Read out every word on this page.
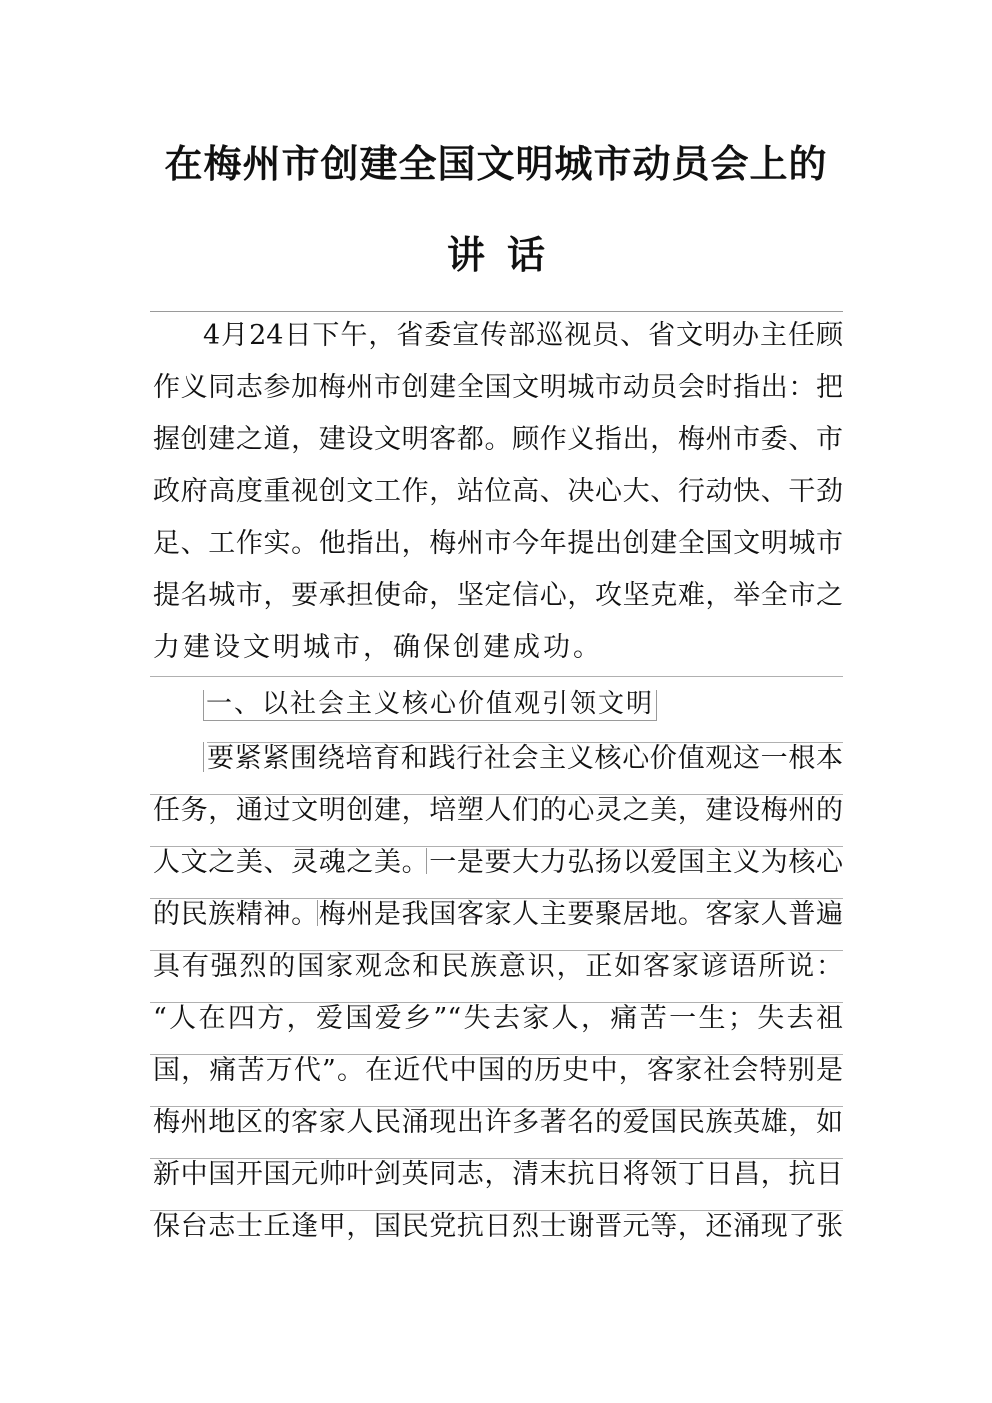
在梅州市创建全国文明城市动员会上的
讲话
4月24日下午，省委宣传部巡视员、省文明办主任顾
作义同志参加梅州市创建全国文明城市动员会时指出：把
握创建之道，建设文明客都。顾作义指出，梅州市委、市
政府高度重视创文工作，站位高、决心大、行动快、干劲
足、工作实。他指出，梅州市今年提出创建全国文明城市
提名城市，要承担使命，坚定信心，攻坚克难，举全市之
力建设文明城市，确保创建成功。
一、以社会主义核心价值观引领文明
要紧紧围绕培育和践行社会主义核心价值观这一根本
任务，通过文明创建，培塑人们的心灵之美，建设梅州的
人文之美、灵魂之美。一是要大力弘扬以爱国主义为核心
的民族精神。梅州是我国客家人主要聚居地。客家人普遍
具有强烈的国家观念和民族意识，正如客家谚语所说：
“人在四方，爱国爱乡”“失去家人，痛苦一生；失去祖
国，痛苦万代”。在近代中国的历史中，客家社会特别是
梅州地区的客家人民涌现出许多著名的爱国民族英雄，如
新中国开国元帅叶剑英同志，清末抗日将领丁日昌，抗日
保台志士丘逢甲，国民党抗日烈士谢晋元等，还涌现了张
